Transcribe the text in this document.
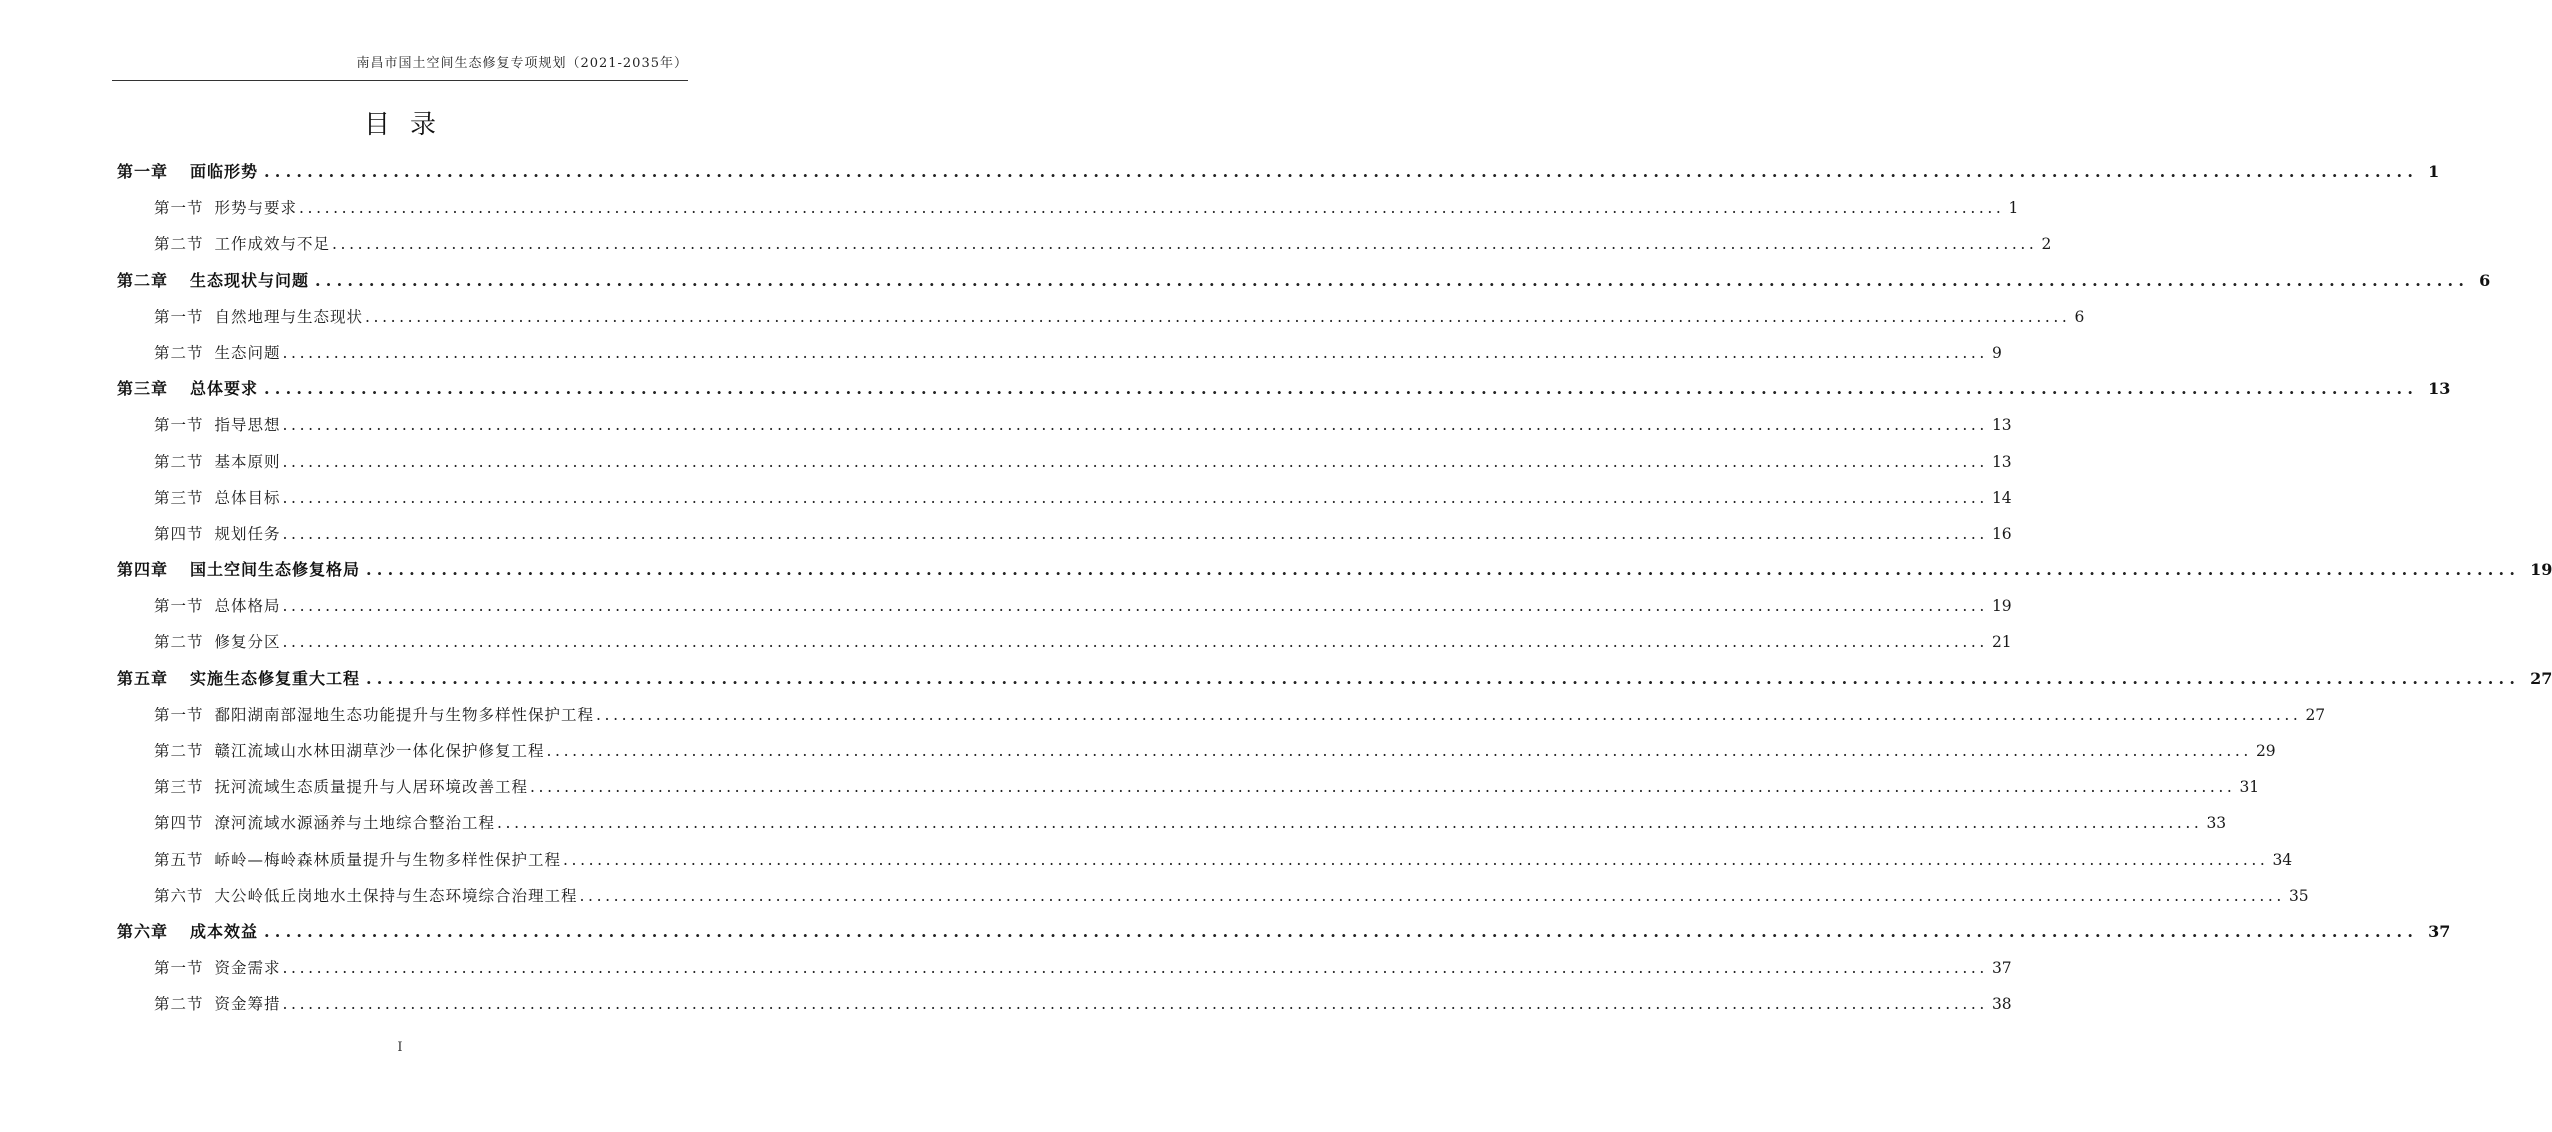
南昌市国土空间生态修复专项规划（2021-2035年）
目录
第一章 面临形势 ........................................................................................................................................................................................................ 1
第一节 形势与要求 ........................................................................................................................................................................................................ 1
第二节 工作成效与不足 ........................................................................................................................................................................................................ 2
第二章 生态现状与问题 ........................................................................................................................................................................................................ 6
第一节 自然地理与生态现状 ........................................................................................................................................................................................................ 6
第二节 生态问题 ........................................................................................................................................................................................................ 9
第三章 总体要求 ........................................................................................................................................................................................................ 13
第一节 指导思想 ........................................................................................................................................................................................................ 13
第二节 基本原则 ........................................................................................................................................................................................................ 13
第三节 总体目标 ........................................................................................................................................................................................................ 14
第四节 规划任务 ........................................................................................................................................................................................................ 16
第四章 国土空间生态修复格局 ........................................................................................................................................................................................................ 19
第一节 总体格局 ........................................................................................................................................................................................................ 19
第二节 修复分区 ........................................................................................................................................................................................................ 21
第五章 实施生态修复重大工程 ........................................................................................................................................................................................................ 27
第一节 鄱阳湖南部湿地生态功能提升与生物多样性保护工程 ........................................................................................................................................................................................................ 27
第二节 赣江流域山水林田湖草沙一体化保护修复工程 ........................................................................................................................................................................................................ 29
第三节 抚河流域生态质量提升与人居环境改善工程 ........................................................................................................................................................................................................ 31
第四节 潦河流域水源涵养与土地综合整治工程 ........................................................................................................................................................................................................ 33
第五节 峤岭—梅岭森林质量提升与生物多样性保护工程 ........................................................................................................................................................................................................ 34
第六节 大公岭低丘岗地水土保持与生态环境综合治理工程 ........................................................................................................................................................................................................ 35
第六章 成本效益 ........................................................................................................................................................................................................ 37
第一节 资金需求 ........................................................................................................................................................................................................ 37
第二节 资金筹措 ........................................................................................................................................................................................................ 38
I
